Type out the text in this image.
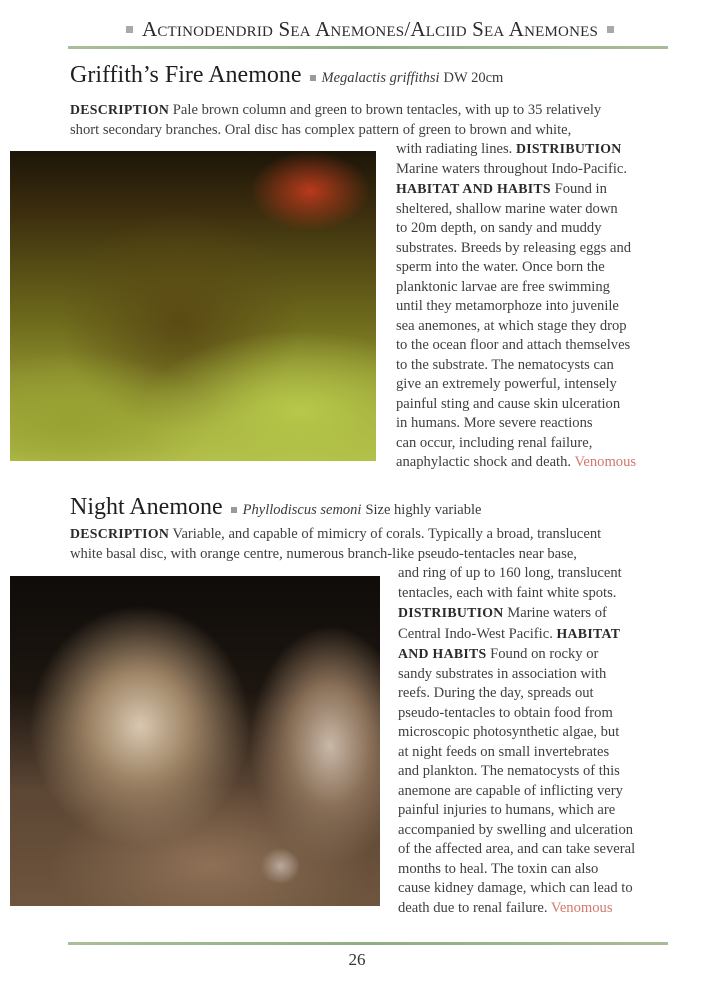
Actinodendrid Sea Anemones/Alciid Sea Anemones
Griffith’s Fire Anemone Megalactis griffithsi DW 20cm
DESCRIPTION Pale brown column and green to brown tentacles, with up to 35 relatively
short secondary branches. Oral disc has complex pattern of green to brown and white,
with radiating lines. DISTRIBUTION
Marine waters throughout Indo-Pacific.
HABITAT AND HABITS Found in
sheltered, shallow marine water down
to 20m depth, on sandy and muddy
substrates. Breeds by releasing eggs and
sperm into the water. Once born the
planktonic larvae are free swimming
until they metamorphoze into juvenile
sea anemones, at which stage they drop
to the ocean floor and attach themselves
to the substrate. The nematocysts can
give an extremely powerful, intensely
painful sting and cause skin ulceration
in humans. More severe reactions
can occur, including renal failure,
anaphylactic shock and death. Venomous
Night Anemone Phyllodiscus semoni Size highly variable
DESCRIPTION Variable, and capable of mimicry of corals. Typically a broad, translucent
white basal disc, with orange centre, numerous branch-like pseudo-tentacles near base,
and ring of up to 160 long, translucent
tentacles, each with faint white spots.
DISTRIBUTION Marine waters of
Central Indo-West Pacific. HABITAT
AND HABITS Found on rocky or
sandy substrates in association with
reefs. During the day, spreads out
pseudo-tentacles to obtain food from
microscopic photosynthetic algae, but
at night feeds on small invertebrates
and plankton. The nematocysts of this
anemone are capable of inflicting very
painful injuries to humans, which are
accompanied by swelling and ulceration
of the affected area, and can take several
months to heal. The toxin can also
cause kidney damage, which can lead to
death due to renal failure. Venomous
26
